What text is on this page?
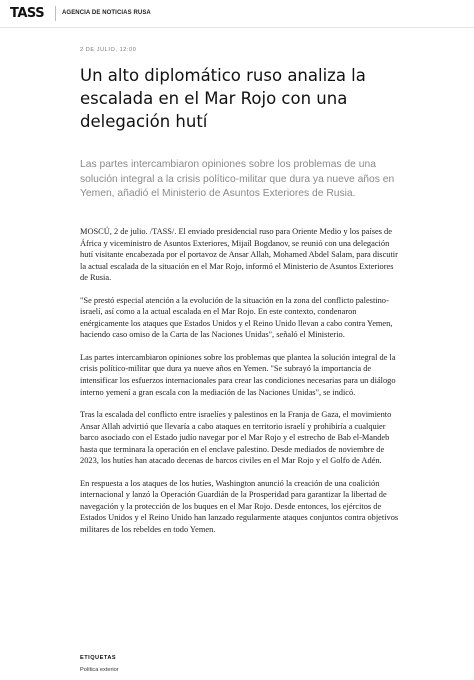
TASS	AGENCIA DE NOTICIAS RUSA
2 DE JULIO, 12:00
Un alto diplomático ruso analiza la escalada en el Mar Rojo con una delegación hutí

Las partes intercambiaron opiniones sobre los problemas de una solución integral a la crisis político-militar que dura ya nueve años en Yemen, añadió el Ministerio de Asuntos Exteriores de Rusia.

MOSCÚ, 2 de julio. /TASS/. El enviado presidencial ruso para Oriente Medio y los países de África y viceministro de Asuntos Exteriores, Mijaíl Bogdanov, se reunió con una delegación hutí visitante encabezada por el portavoz de Ansar Allah, Mohamed Abdel Salam, para discutir la actual escalada de la situación en el Mar Rojo, informó el Ministerio de Asuntos Exteriores de Rusia.

"Se prestó especial atención a la evolución de la situación en la zona del conflicto palestino-israelí, así como a la actual escalada en el Mar Rojo. En este contexto, condenaron enérgicamente los ataques que Estados Unidos y el Reino Unido llevan a cabo contra Yemen, haciendo caso omiso de la Carta de las Naciones Unidas", señaló el Ministerio.

Las partes intercambiaron opiniones sobre los problemas que plantea la solución integral de la crisis político-militar que dura ya nueve años en Yemen. "Se subrayó la importancia de intensificar los esfuerzos internacionales para crear las condiciones necesarias para un diálogo interno yemení a gran escala con la mediación de las Naciones Unidas", se indicó.

Tras la escalada del conflicto entre israelíes y palestinos en la Franja de Gaza, el movimiento Ansar Allah advirtió que llevaría a cabo ataques en territorio israelí y prohibiría a cualquier barco asociado con el Estado judío navegar por el Mar Rojo y el estrecho de Bab el-Mandeb hasta que terminara la operación en el enclave palestino. Desde mediados de noviembre de 2023, los hutíes han atacado decenas de barcos civiles en el Mar Rojo y el Golfo de Adén.

En respuesta a los ataques de los hutíes, Washington anunció la creación de una coalición internacional y lanzó la Operación Guardián de la Prosperidad para garantizar la libertad de navegación y la protección de los buques en el Mar Rojo. Desde entonces, los ejércitos de Estados Unidos y el Reino Unido han lanzado regularmente ataques conjuntos contra objetivos militares de los rebeldes en todo Yemen.

ETIQUETAS
Política exterior
